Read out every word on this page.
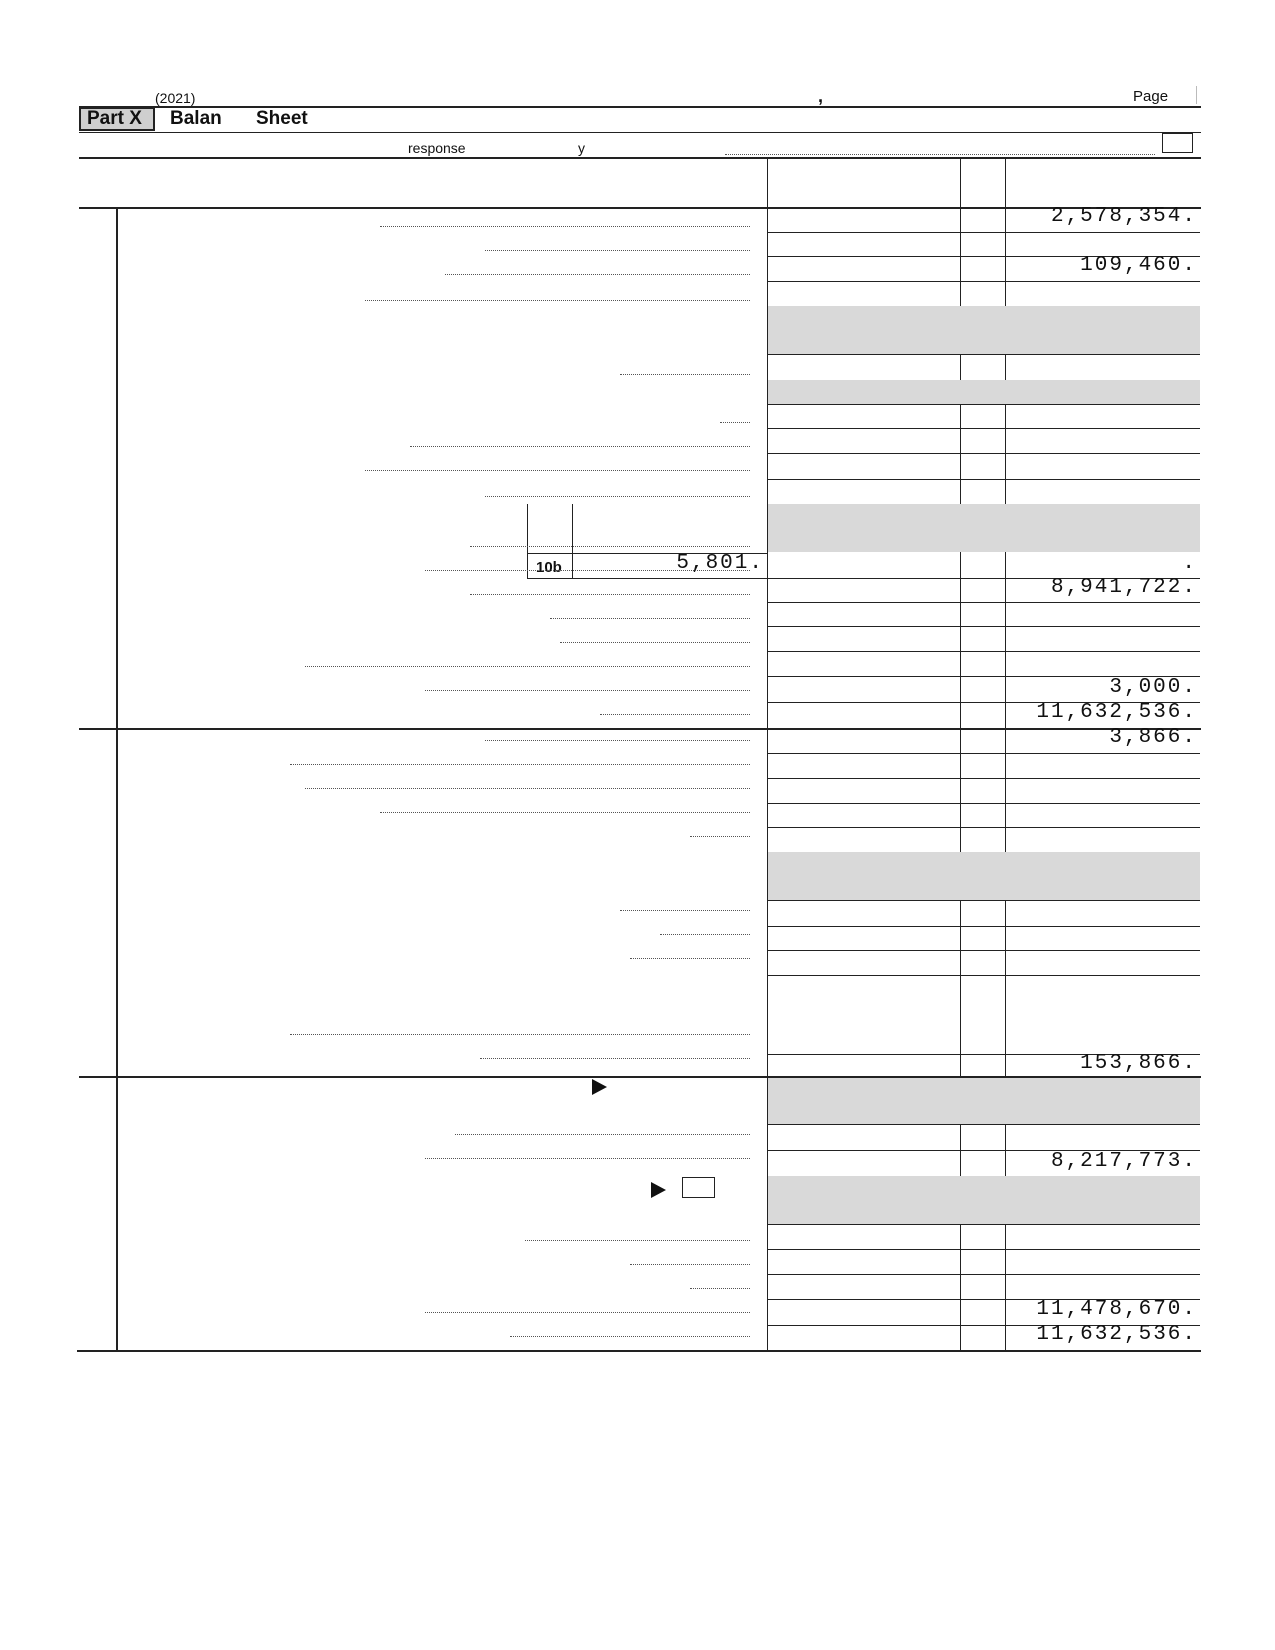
(2021)	,	Page
Part X Balan Sheet
response	y
10b	5,801.	.
2,578,354.
109,460.
8,941,722.
3,000.
11,632,536.
3,866.
153,866.
8,217,773.
11,478,670.
11,632,536.
